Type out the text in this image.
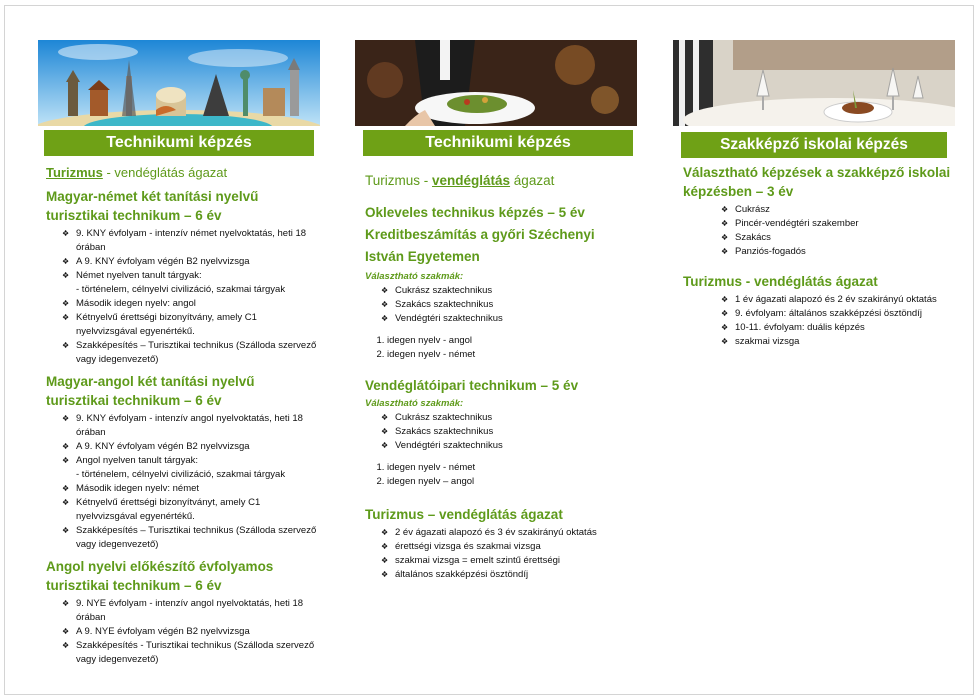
Technikumi képzés
Turizmus - vendéglátás ágazat
Magyar-német két tanítási nyelvű turisztikai technikum – 6 év
❖ 9. KNY évfolyam - intenzív német nyelvoktatás, heti 18 órában
❖ A 9. KNY évfolyam végén B2 nyelvvizsga
❖ Német nyelven tanult tárgyak:
- történelem, célnyelvi civilizáció, szakmai tárgyak
❖ Második idegen nyelv: angol
❖ Kétnyelvű érettségi bizonyítvány, amely C1 nyelvvizsgával egyenértékű.
❖ Szakképesítés – Turisztikai technikus (Szálloda szervező vagy idegenvezető)
Magyar-angol két tanítási nyelvű turisztikai technikum – 6 év
❖ 9. KNY évfolyam - intenzív angol nyelvoktatás, heti 18 órában
❖ A 9. KNY évfolyam végén B2 nyelvvizsga
❖ Angol nyelven tanult tárgyak:
- történelem, célnyelvi civilizáció, szakmai tárgyak
❖ Második idegen nyelv: német
❖ Kétnyelvű érettségi bizonyítványt, amely C1 nyelvvizsgával egyenértékű.
❖ Szakképesítés – Turisztikai technikus (Szálloda szervező vagy idegenvezető)
Angol nyelvi előkészítő évfolyamos turisztikai technikum – 6 év
❖ 9. NYE évfolyam - intenzív angol nyelvoktatás, heti 18 órában
❖ A 9. NYE évfolyam végén B2 nyelvvizsga
❖ Szakképesítés - Turisztikai technikus (Szálloda szervező vagy idegenvezető)
Technikumi képzés
Turizmus - vendéglátás ágazat
Okleveles technikus képzés – 5 év Kreditbeszámítás a győri Széchenyi István Egyetemen
Választható szakmák:
❖ Cukrász szaktechnikus
❖ Szakács szaktechnikus
❖ Vendégtéri szaktechnikus
1. idegen nyelv - angol
2. idegen nyelv - német
Vendéglátóipari technikum – 5 év
Választható szakmák:
❖ Cukrász szaktechnikus
❖ Szakács szaktechnikus
❖ Vendégtéri szaktechnikus
1. idegen nyelv - német
2. idegen nyelv – angol
Turizmus – vendéglátás ágazat
❖ 2 év ágazati alapozó és 3 év szakirányú oktatás
❖ érettségi vizsga és szakmai vizsga
❖ szakmai vizsga = emelt szintű érettségi
❖ általános szakképzési ösztöndíj
Szakképző iskolai képzés
Választható képzések a szakképző iskolai képzésben – 3 év
❖ Cukrász
❖ Pincér-vendégtéri szakember
❖ Szakács
❖ Panziós-fogadós
Turizmus - vendéglátás ágazat
❖ 1 év ágazati alapozó és 2 év szakirányú oktatás
❖ 9. évfolyam: általános szakképzési ösztöndíj
❖ 10-11. évfolyam: duális képzés
❖ szakmai vizsga
